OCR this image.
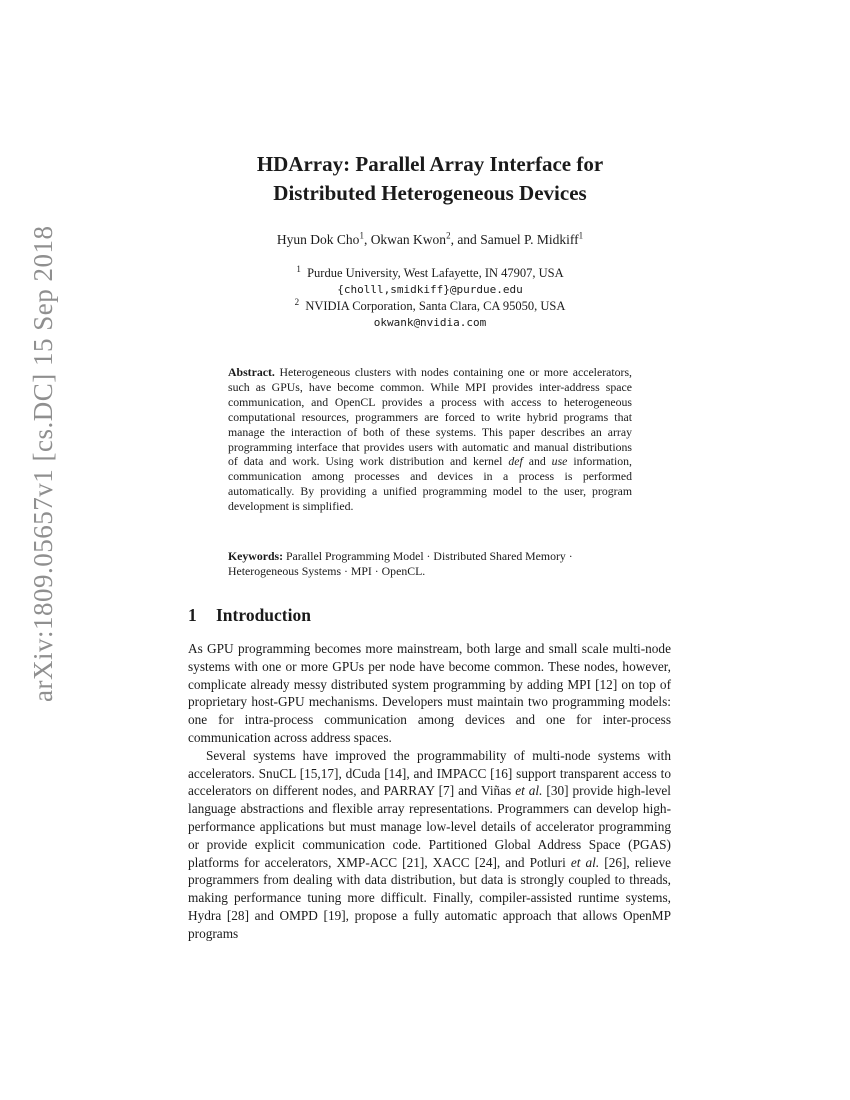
arXiv:1809.05657v1 [cs.DC] 15 Sep 2018
HDArray: Parallel Array Interface for
Distributed Heterogeneous Devices
Hyun Dok Cho$^1$, Okwan Kwon$^2$, and Samuel P. Midkiff$^1$
$^1$ Purdue University, West Lafayette, IN 47907, USA
{cholll,smidkiff}@purdue.edu
$^2$ NVIDIA Corporation, Santa Clara, CA 95050, USA
okwank@nvidia.com

Abstract. Heterogeneous clusters with nodes containing one or more accelerators, such as GPUs, have become common. While MPI provides inter-address space communication, and OpenCL provides a process with access to heterogeneous computational resources, programmers are forced to write hybrid programs that manage the interaction of both of these systems. This paper describes an array programming interface that provides users with automatic and manual distributions of data and work. Using work distribution and kernel def and use information, communication among processes and devices in a process is performed automatically. By providing a unified programming model to the user, program development is simplified.

Keywords: Parallel Programming Model · Distributed Shared Memory · Heterogeneous Systems · MPI · OpenCL.
1 Introduction

As GPU programming becomes more mainstream, both large and small scale multi-node systems with one or more GPUs per node have become common. These nodes, however, complicate already messy distributed system programming by adding MPI [12] on top of proprietary host-GPU mechanisms. Developers must maintain two programming models: one for intra-process communication among devices and one for inter-process communication across address spaces.

Several systems have improved the programmability of multi-node systems with accelerators. SnuCL [15,17], dCuda [14], and IMPACC [16] support transparent access to accelerators on different nodes, and PARRAY [7] and Viñas et al. [30] provide high-level language abstractions and flexible array representations. Programmers can develop high-performance applications but must manage low-level details of accelerator programming or provide explicit communication code. Partitioned Global Address Space (PGAS) platforms for accelerators, XMP-ACC [21], XACC [24], and Potluri et al. [26], relieve programmers from dealing with data distribution, but data is strongly coupled to threads, making performance tuning more difficult. Finally, compiler-assisted runtime systems, Hydra [28] and OMPD [19], propose a fully automatic approach that allows OpenMP programs
